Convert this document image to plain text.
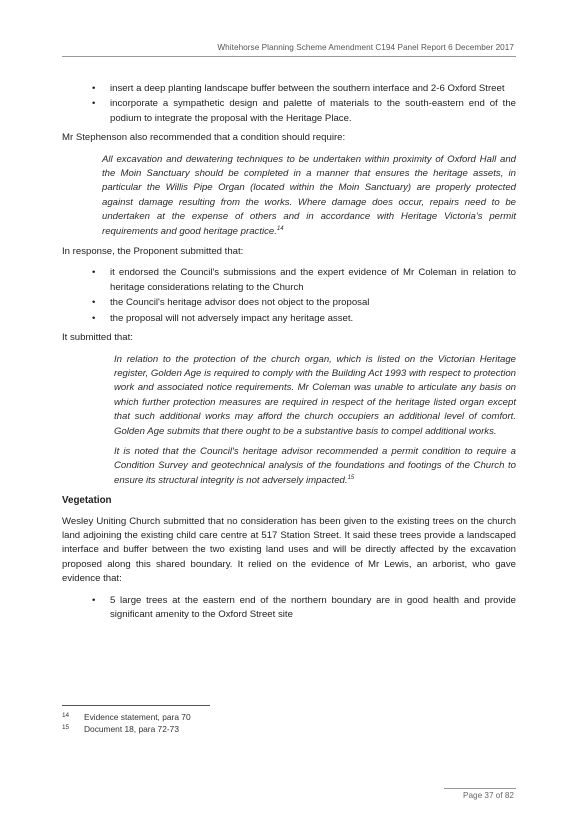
Whitehorse Planning Scheme Amendment C194 Panel Report 6 December 2017
• insert a deep planting landscape buffer between the southern interface and 2-6 Oxford Street
• incorporate a sympathetic design and palette of materials to the south-eastern end of the podium to integrate the proposal with the Heritage Place.

Mr Stephenson also recommended that a condition should require:

All excavation and dewatering techniques to be undertaken within proximity of Oxford Hall and the Moin Sanctuary should be completed in a manner that ensures the heritage assets, in particular the Willis Pipe Organ (located within the Moin Sanctuary) are properly protected against damage resulting from the works. Where damage does occur, repairs need to be undertaken at the expense of others and in accordance with Heritage Victoria's permit requirements and good heritage practice.$^{14}$

In response, the Proponent submitted that:

• it endorsed the Council's submissions and the expert evidence of Mr Coleman in relation to heritage considerations relating to the Church
• the Council's heritage advisor does not object to the proposal
• the proposal will not adversely impact any heritage asset.

It submitted that:

In relation to the protection of the church organ, which is listed on the Victorian Heritage register, Golden Age is required to comply with the Building Act 1993 with respect to protection work and associated notice requirements. Mr Coleman was unable to articulate any basis on which further protection measures are required in respect of the heritage listed organ except that such additional works may afford the church occupiers an additional level of comfort. Golden Age submits that there ought to be a substantive basis to compel additional works.
It is noted that the Council's heritage advisor recommended a permit condition to require a Condition Survey and geotechnical analysis of the foundations and footings of the Church to ensure its structural integrity is not adversely impacted.$^{15}$
Vegetation

Wesley Uniting Church submitted that no consideration has been given to the existing trees on the church land adjoining the existing child care centre at 517 Station Street. It said these trees provide a landscaped interface and buffer between the two existing land uses and will be directly affected by the excavation proposed along this shared boundary. It relied on the evidence of Mr Lewis, an arborist, who gave evidence that:

• 5 large trees at the eastern end of the northern boundary are in good health and provide significant amenity to the Oxford Street site
14 Evidence statement, para 70
15 Document 18, para 72-73
Page 37 of 82
